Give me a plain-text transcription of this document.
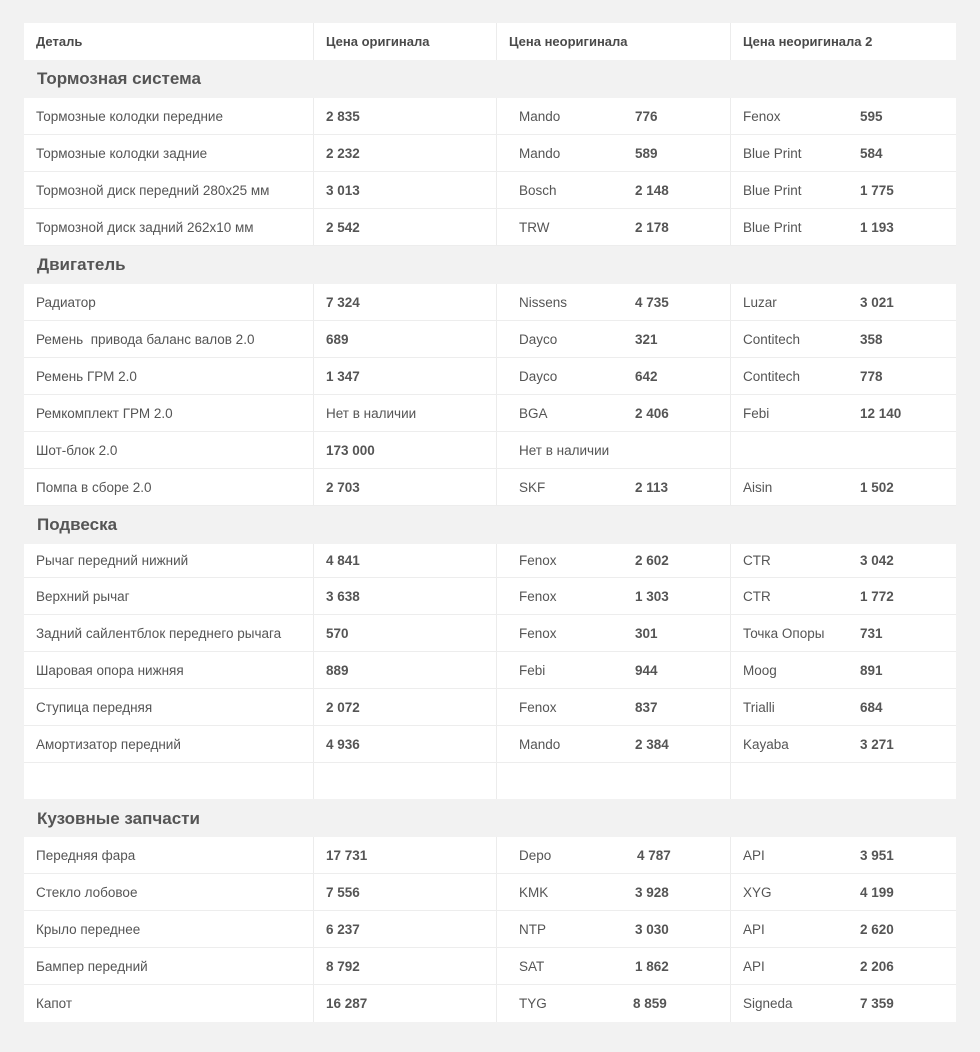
Деталь	Цена оригинала	Цена неоригинала	Цена неоригинала 2
Тормозная система
Тормозные колодки передние	2 835	Mando	776	Fenox	595
Тормозные колодки задние	2 232	Mando	589	Blue Print	584
Тормозной диск передний 280x25 мм	3 013	Bosch	2 148	Blue Print	1 775
Тормозной диск задний 262x10 мм	2 542	TRW	2 178	Blue Print	1 193
Двигатель
Радиатор	7 324	Nissens	4 735	Luzar	3 021
Ремень  привода баланс валов 2.0	689	Dayco	321	Contitech	358
Ремень ГРМ 2.0	1 347	Dayco	642	Contitech	778
Ремкомплект ГРМ 2.0	Нет в наличии	BGA	2 406	Febi	12 140
Шот-блок 2.0	173 000	Нет в наличии
Помпа в сборе 2.0	2 703	SKF	2 113	Aisin	1 502
Подвеска
Рычаг передний нижний	4 841	Fenox	2 602	CTR	3 042
Верхний рычаг	3 638	Fenox	1 303	CTR	1 772
Задний сайлентблок переднего рычага	570	Fenox	301	Точка Опоры	731
Шаровая опора нижняя	889	Febi	944	Moog	891
Ступица передняя	2 072	Fenox	837	Trialli	684
Амортизатор передний	4 936	Mando	2 384	Kayaba	3 271
Кузовные запчасти
Передняя фара	17 731	Depo	4 787	API	3 951
Стекло лобовое	7 556	KMK	3 928	XYG	4 199
Крыло переднее	6 237	NTP	3 030	API	2 620
Бампер передний	8 792	SAT	1 862	API	2 206
Капот	16 287	TYG	8 859	Signeda	7 359
